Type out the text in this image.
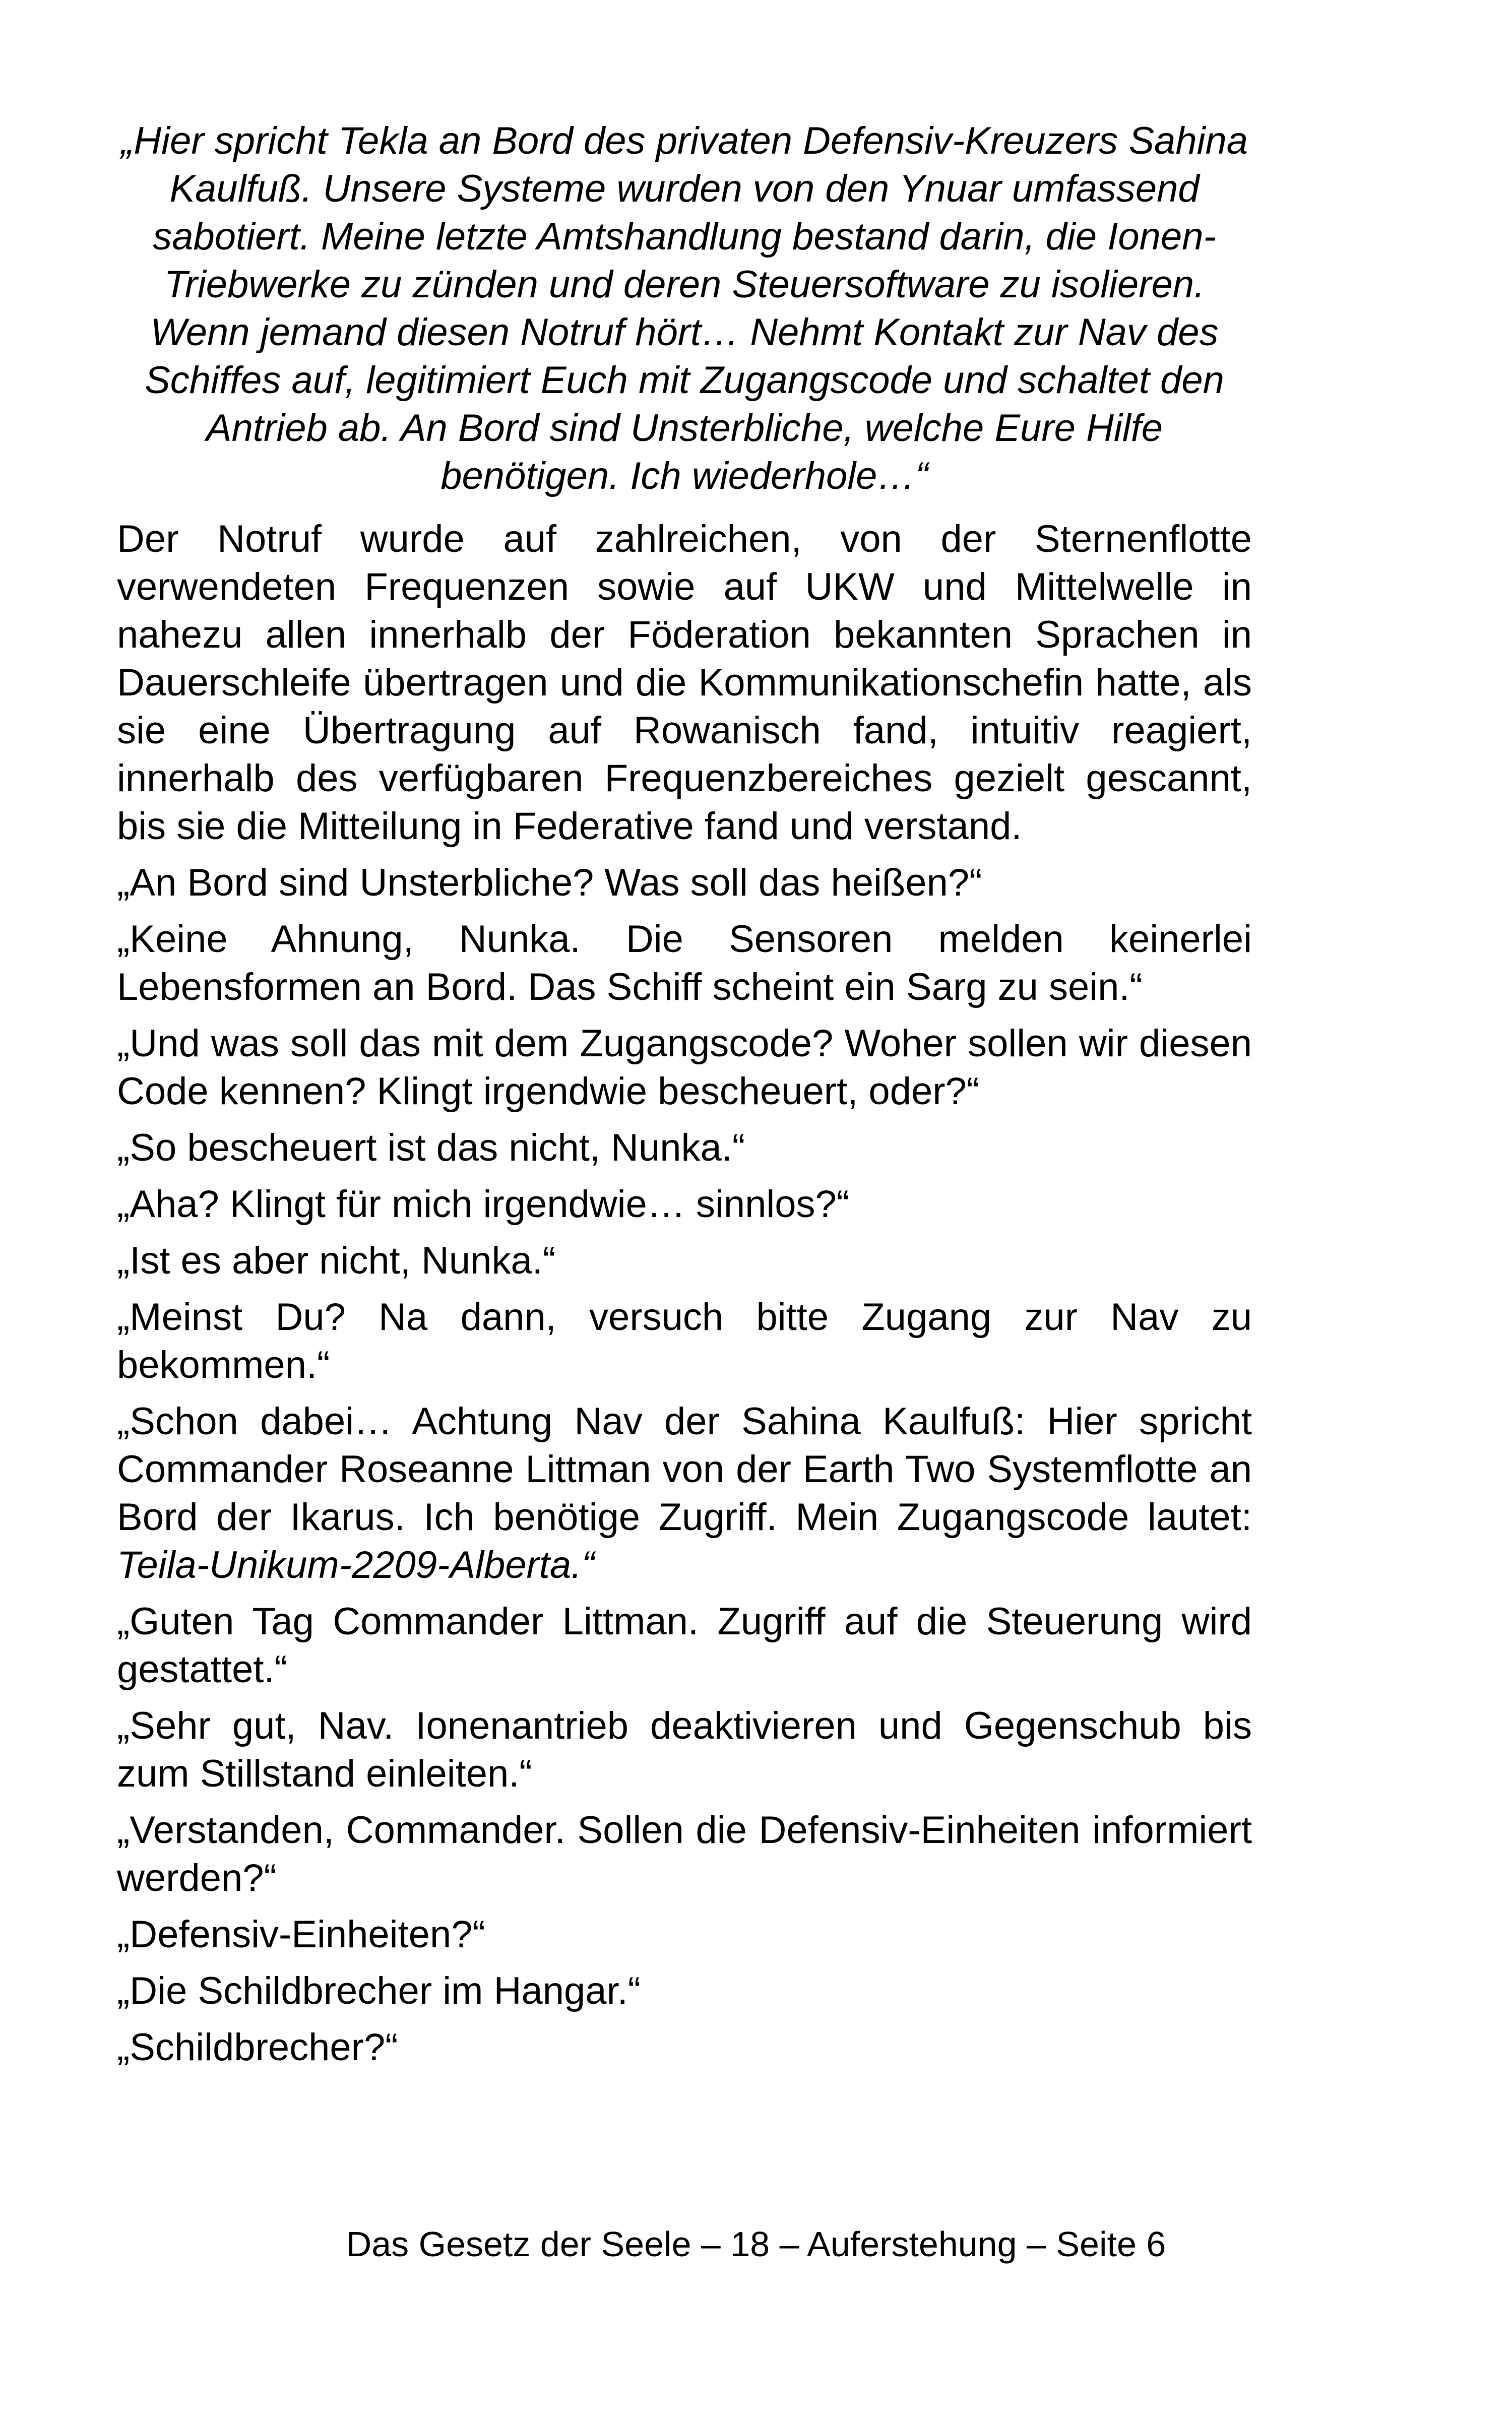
„Hier spricht Tekla an Bord des privaten Defensiv-Kreuzers Sahina Kaulfuß. Unsere Systeme wurden von den Ynuar umfassend sabotiert. Meine letzte Amtshandlung bestand darin, die Ionen-Triebwerke zu zünden und deren Steuersoftware zu isolieren. Wenn jemand diesen Notruf hört… Nehmt Kontakt zur Nav des Schiffes auf, legitimiert Euch mit Zugangscode und schaltet den Antrieb ab. An Bord sind Unsterbliche, welche Eure Hilfe benötigen. Ich wiederhole…“

Der Notruf wurde auf zahlreichen, von der Sternenflotte verwendeten Frequenzen sowie auf UKW und Mittelwelle in nahezu allen innerhalb der Föderation bekannten Sprachen in Dauerschleife übertragen und die Kommunikationschefin hatte, als sie eine Übertragung auf Rowanisch fand, intuitiv reagiert, innerhalb des verfügbaren Frequenzbereiches gezielt gescannt, bis sie die Mitteilung in Federative fand und verstand.

„An Bord sind Unsterbliche? Was soll das heißen?“

„Keine Ahnung, Nunka. Die Sensoren melden keinerlei Lebensformen an Bord. Das Schiff scheint ein Sarg zu sein.“

„Und was soll das mit dem Zugangscode? Woher sollen wir diesen Code kennen? Klingt irgendwie bescheuert, oder?“

„So bescheuert ist das nicht, Nunka.“

„Aha? Klingt für mich irgendwie… sinnlos?“

„Ist es aber nicht, Nunka.“

„Meinst Du? Na dann, versuch bitte Zugang zur Nav zu bekommen.“

„Schon dabei… Achtung Nav der Sahina Kaulfuß: Hier spricht Commander Roseanne Littman von der Earth Two Systemflotte an Bord der Ikarus. Ich benötige Zugriff. Mein Zugangscode lautet: Teila-Unikum-2209-Alberta.“

„Guten Tag Commander Littman. Zugriff auf die Steuerung wird gestattet.“

„Sehr gut, Nav. Ionenantrieb deaktivieren und Gegenschub bis zum Stillstand einleiten.“

„Verstanden, Commander. Sollen die Defensiv-Einheiten informiert werden?“

„Defensiv-Einheiten?“

„Die Schildbrecher im Hangar.“

„Schildbrecher?“

Das Gesetz der Seele – 18 – Auferstehung – Seite 6
